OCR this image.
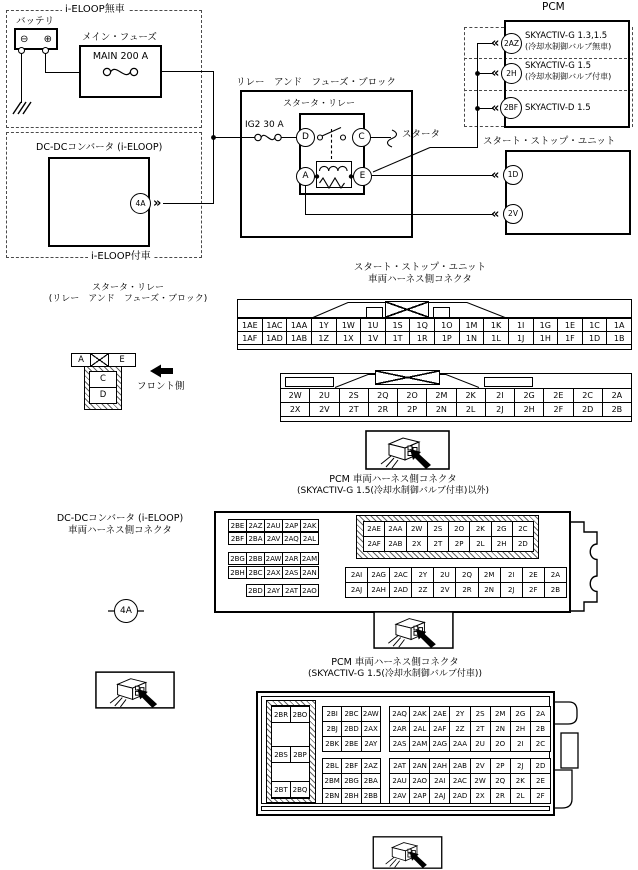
i-ELOOP無車
i-ELOOP付車
バッテリ
⊖ ⊕	メイン・フューズ
MAIN 200 A
DC-DCコンバータ (i-ELOOP)
4A »
リレー　アンド　フューズ・ブロック
スタータ・リレー
IG2 30 A
D	C
A	E
スタータ
PCM
2AZ
SKYACTIV-G 1.3,1.5
(冷却水制御バルブ無車)
2H
SKYACTIV-G 1.5
(冷却水制御バルブ付車)
2BF SKYACTIV-D 1.5
«
«
«
スタート・ストップ・ユニット
1D
2V
«
«
スタート・ストップ・ユニット
車両ハーネス側コネクタ
スタータ・リレー
(リレー　アンド　フューズ・ブロック)
1AE	1AC	1AA	1Y	1W	1U	1S	1Q	1O	1M	1K	1I	1G	1E	1C	1A
1AF	1AD	1AB	1Z	1X	1V	1T	1R	1P	1N	1L	1J	1H	1F	1D	1B
2W	2U	2S	2Q	2O	2M	2K	2I	2G	2E	2C	2A
2X	2V	2T	2R	2P	2N	2L	2J	2H	2F	2D	2B
A	E
C
D
フロント側
DC-DCコンバータ (i-ELOOP)
車両ハーネス側コネクタ
4A
PCM 車両ハーネス側コネクタ
(SKYACTIV-G 1.5(冷却水制御バルブ付車)以外)
2BE 2AZ 2AU 2AP 2AK
2BF 2BA 2AV 2AQ 2AL
2BG 2BB 2AW 2AR 2AM
2BH 2BC 2AX 2AS 2AN
2BD 2AY 2AT 2AO
2AE	2AA	2W	2S	2O	2K	2G	2C
2AF	2AB	2X	2T	2P	2L	2H	2D
2AI	2AG	2AC	2Y	2U	2Q	2M	2I	2E	2A
2AJ	2AH	2AD	2Z	2V	2R	2N	2J	2F	2B
PCM 車両ハーネス側コネクタ
(SKYACTIV-G 1.5(冷却水制御バルブ付車))
2BR 2BO
2BS 2BP
2BT 2BQ
2BI 2BC 2AW	2AQ 2AK 2AE	2Y	2S	2M	2G	2A
2BJ 2BD 2AX	2AR 2AL 2AF	2Z	2T	2N	2H	2B
2BK 2BE 2AY	2AS 2AM 2AG 2AA	2U	2O	2I	2C
2BL 2BF 2AZ	2AT 2AN 2AH 2AB	2V	2P	2J	2D
2BM 2BG 2BA	2AU 2AO	2AI	2AC	2W	2Q	2K	2E
2BN 2BH 2BB	2AV 2AP	2AJ	2AD	2X	2R	2L	2F
